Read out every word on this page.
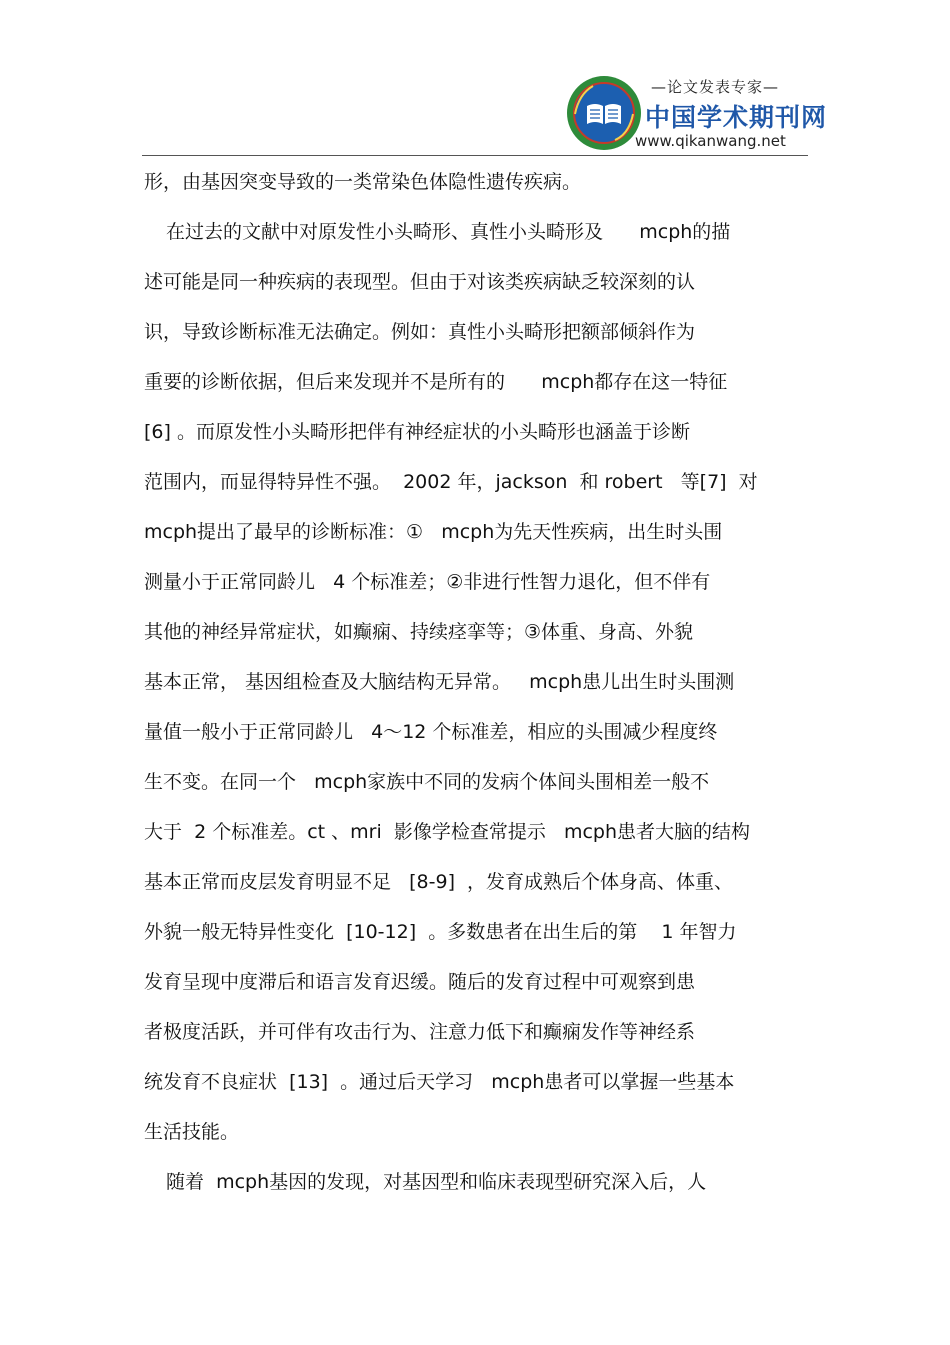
—论文发表专家—
中国学术期刊网
www.qikanwang.net
形，由基因突变导致的一类常染色体隐性遗传疾病。
在过去的文献中对原发性小头畸形、真性小头畸形及      mcph的描
述可能是同一种疾病的表现型。但由于对该类疾病缺乏较深刻的认
识，导致诊断标准无法确定。例如：真性小头畸形把额部倾斜作为
重要的诊断依据，但后来发现并不是所有的      mcph都存在这一特征
[6] 。而原发性小头畸形把伴有神经症状的小头畸形也涵盖于诊断
范围内，而显得特异性不强。  2002 年，jackson  和 robert   等[7]  对
mcph提出了最早的诊断标准：①   mcph为先天性疾病，出生时头围
测量小于正常同龄儿   4 个标准差；②非进行性智力退化，但不伴有
其他的神经异常症状，如癫痫、持续痉挛等；③体重、身高、外貌
基本正常， 基因组检查及大脑结构无异常。   mcph患儿出生时头围测
量值一般小于正常同龄儿   4～12 个标准差，相应的头围减少程度终
生不变。在同一个   mcph家族中不同的发病个体间头围相差一般不
大于  2 个标准差。ct 、mri  影像学检查常提示   mcph患者大脑的结构
基本正常而皮层发育明显不足   [8-9]  ，发育成熟后个体身高、体重、
外貌一般无特异性变化  [10-12]  。多数患者在出生后的第    1 年智力
发育呈现中度滞后和语言发育迟缓。随后的发育过程中可观察到患
者极度活跃，并可伴有攻击行为、注意力低下和癫痫发作等神经系
统发育不良症状  [13]  。通过后天学习   mcph患者可以掌握一些基本
生活技能。
随着  mcph基因的发现，对基因型和临床表现型研究深入后，人
